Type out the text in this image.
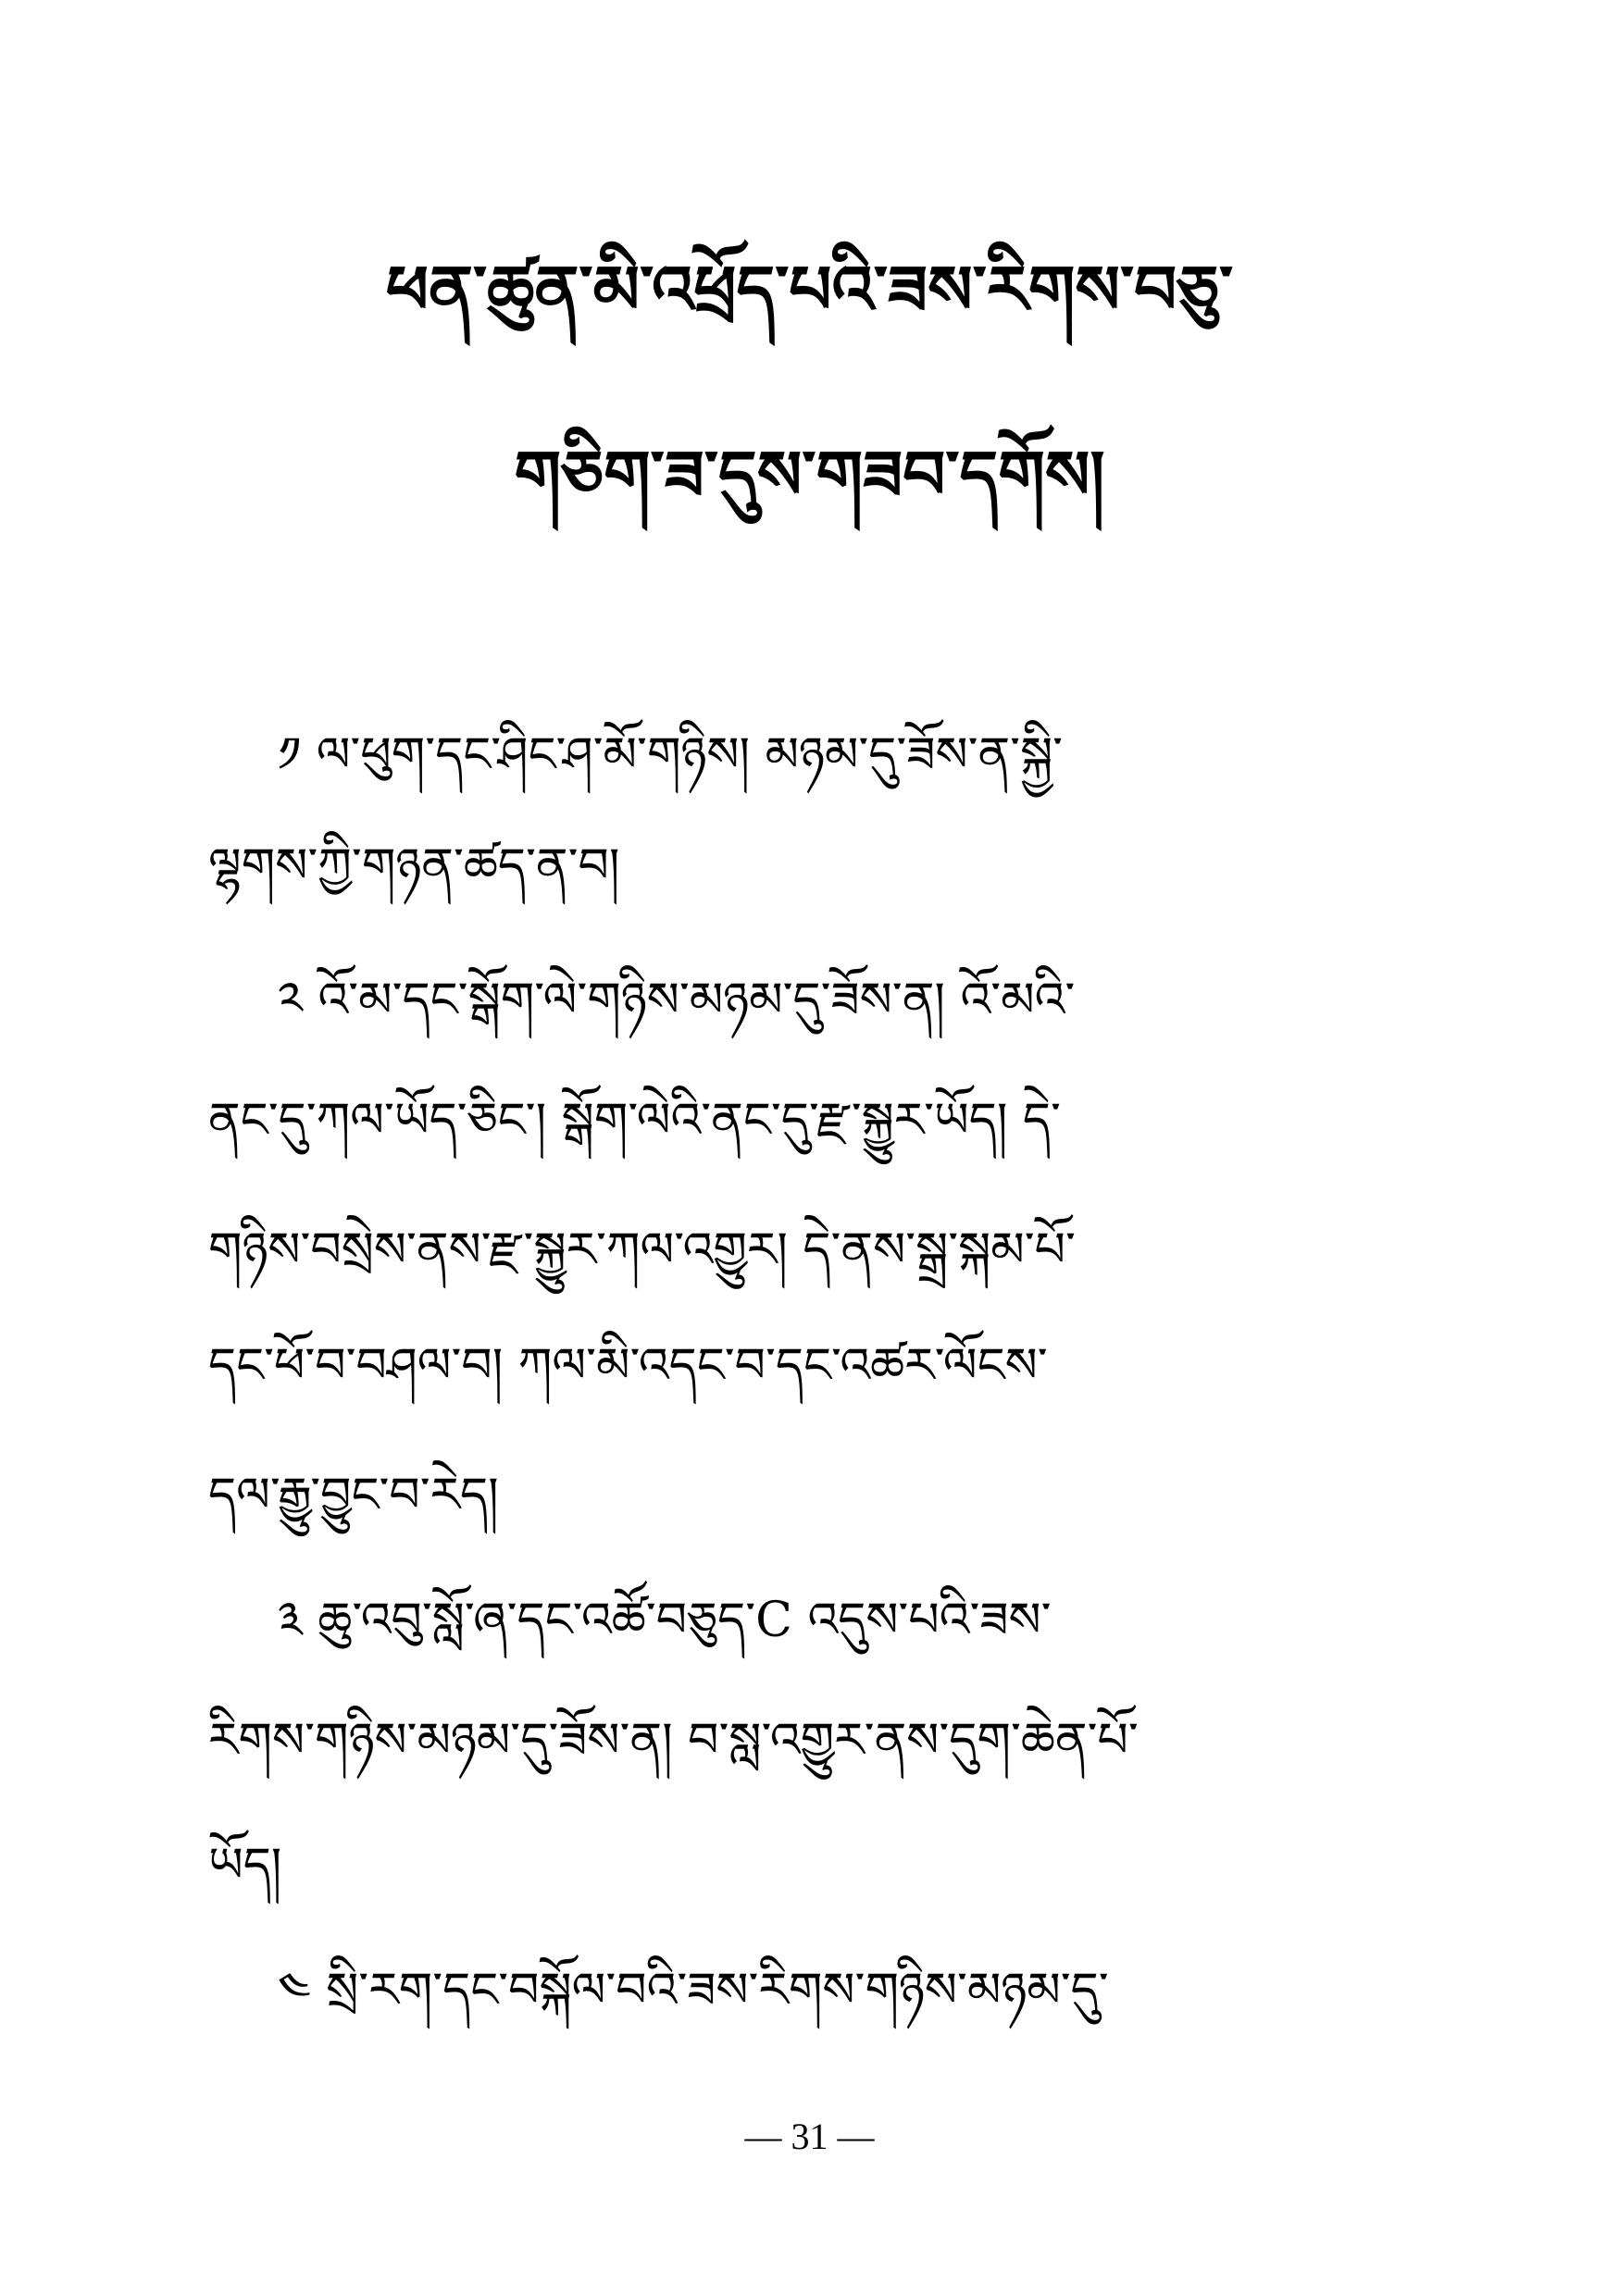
ཕན་ཚུན་མི་འཕྲོད་པའི་ཟས་རིགས་བཅུ་
གཅིག་ཟ་དུས་གཟབ་དགོས།
༡ ལ་ཕུག་དང་ཤིང་ཤ་མོ་གཉིས། མཉམ་དུ་ཟོས་ན་སྐྱི་
ལྷགས་ཀྱི་གཉན་ཚད་ན་བ།
༢ འོ་མ་དང་སྒོག་ལེ་གཉིས་མཉམ་དུ་ཟོས་ན། འོ་མའི་
ནང་དུ་ཀལ་ཡོད་ཅིང་། སྒོག་ལེའི་ནང་དུ་རྫ་སྐྱུར་ཡོད། དེ་
གཉིས་བསྲེས་ནས་རྫ་སྐྱུར་ཀལ་འགྱུར། དེ་ནས་སྒྲ་སྐམ་པོ་
དང་ཕོ་བ་བཤལ་བ། ཀལ་མི་འདང་བ་དང་འཚར་ལོངས་
དལ་རྒྱུ་བྱུང་བ་རེད།
༣ ཆུ་འབུ་སློ་ཞ་དང་འཚོ་བཅུད་C འདུས་པའི་ཟས་
རིགས་གཉིས་མཉམ་དུ་ཟོས་ན། བ་སླ་འགྱུར་ནས་དུག་ཆེན་པོ་
ཡོད།
༤ སྲི་རག་དང་བསྐོལ་བའི་ཟས་རིགས་གཉིས་མཉམ་དུ་
— 31 —
